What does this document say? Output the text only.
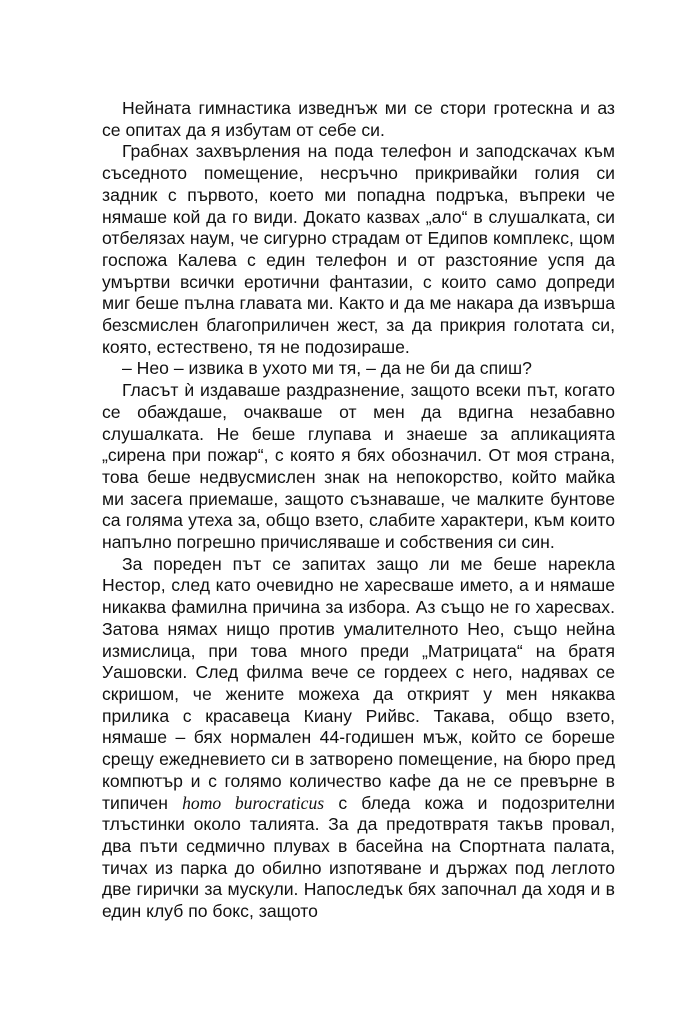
Нейната гимнастика изведнъж ми се стори гротескна и аз се опитах да я избутам от себе си.

Грабнах захвърления на пода телефон и заподскачах към съседното помещение, несръчно прикривайки голия си задник с първото, което ми попадна подръка, въпреки че нямаше кой да го види. Докато казвах „ало“ в слушалката, си отбелязах наум, че сигурно страдам от Едипов комплекс, щом госпожа Калева с един телефон и от разстояние успя да умъртви всички еротични фантазии, с които само допреди миг беше пълна главата ми. Както и да ме накара да извърша безсмислен благоприличен жест, за да прикрия голотата си, която, естествено, тя не подозираше.

– Нео – извика в ухото ми тя, – да не би да спиш?

Гласът ѝ издаваше раздразнение, защото всеки път, когато се обаждаше, очакваше от мен да вдигна незабавно слушалката. Не беше глупава и знаеше за апликацията „сирена при пожар“, с която я бях обозначил. От моя страна, това беше недвусмислен знак на непокорство, който майка ми засега приемаше, защото съзнаваше, че малките бунтове са голяма утеха за, общо взето, слабите характери, към които напълно погрешно причисляваше и собствения си син.

За пореден път се запитах защо ли ме беше нарекла Нестор, след като очевидно не харесваше името, а и нямаше никаква фамилна причина за избора. Аз също не го харесвах. Затова нямах нищо против умалителното Нео, също нейна измислица, при това много преди „Матрицата“ на братя Уашовски. След филма вече се гордеех с него, надявах се скришом, че жените можеха да открият у мен някаква прилика с красавеца Киану Рийвс. Такава, общо взето, нямаше – бях нормален 44-годишен мъж, който се бореше срещу ежедневието си в затворено помещение, на бюро пред компютър и с голямо количество кафе да не се превърне в типичен homo burocraticus с бледа кожа и подозрителни тлъстинки около талията. За да предотвратя такъв провал, два пъти седмично плувах в басейна на Спортната палата, тичах из парка до обилно изпотяване и държах под леглото две гирички за мускули. Напоследък бях започнал да ходя и в един клуб по бокс, защото
